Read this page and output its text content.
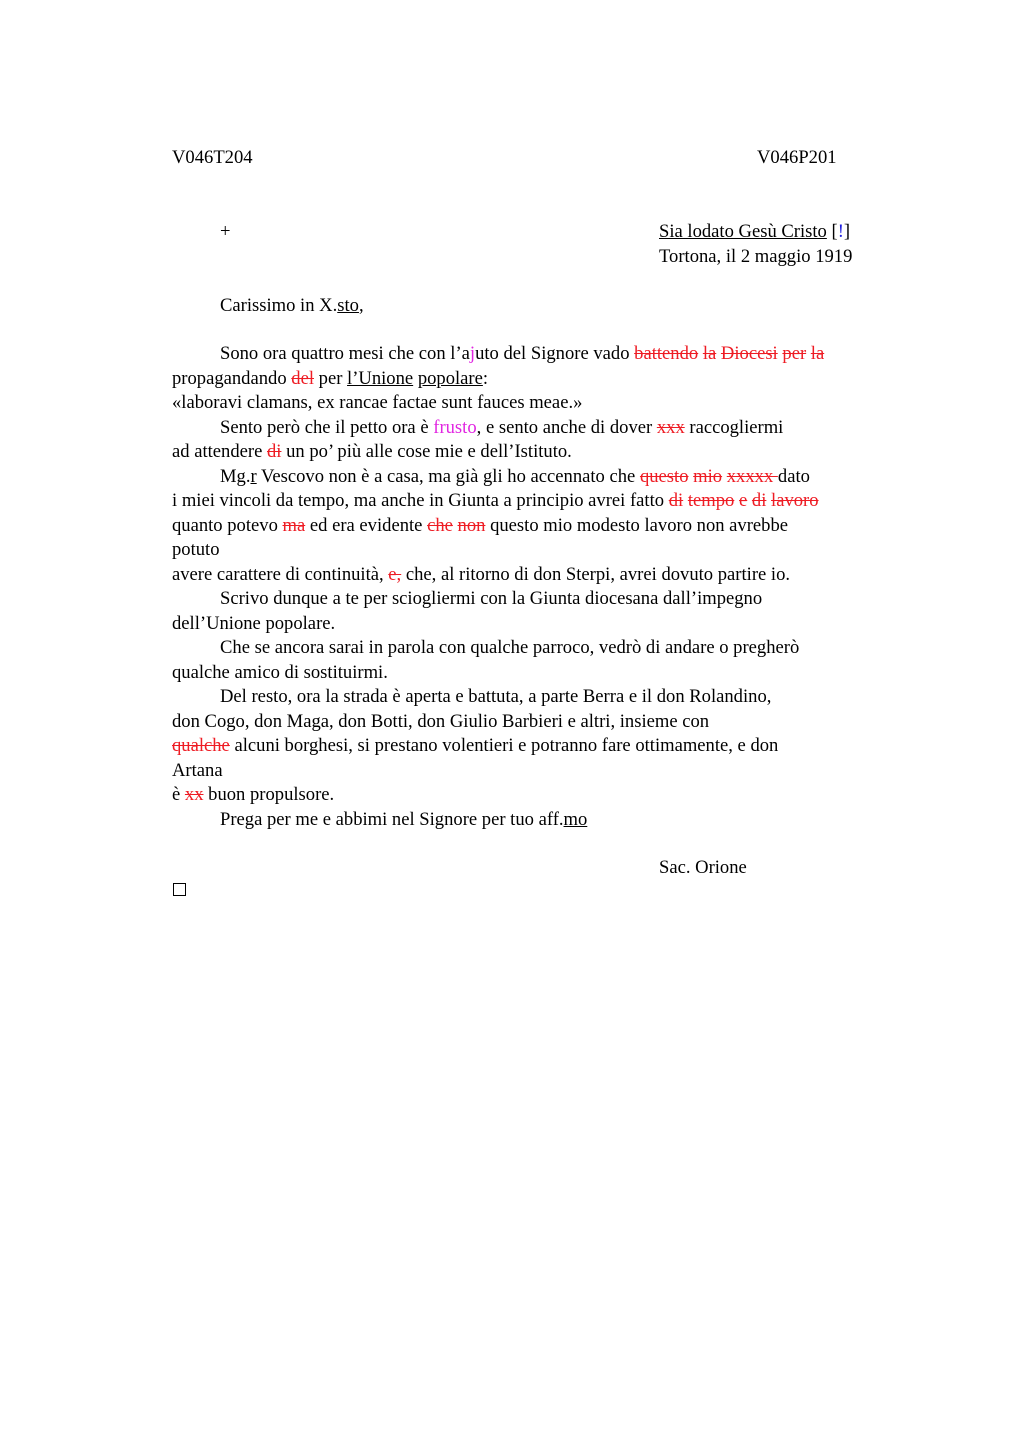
V046T204	V046P201
+	Sia lodato Gesù Cristo [!]
Tortona, il 2 maggio 1919
Carissimo in X.sto,
Sono ora quattro mesi che con l’ajuto del Signore vado battendo la Diocesi per la
propagandando del per l’Unione popolare:
«laboravi clamans, ex rancae factae sunt fauces meae.»
Sento però che il petto ora è frusto, e sento anche di dover xxx raccogliermi
ad attendere di un po’ più alle cose mie e dell’Istituto.
Mg.r Vescovo non è a casa, ma già gli ho accennato che questo mio xxxxx dato
i miei vincoli da tempo, ma anche in Giunta a principio avrei fatto di tempo e di lavoro
quanto potevo ma ed era evidente che non questo mio modesto lavoro non avrebbe
potuto
avere carattere di continuità, e, che, al ritorno di don Sterpi, avrei dovuto partire io.
Scrivo dunque a te per sciogliermi con la Giunta diocesana dall’impegno
dell’Unione popolare.
Che se ancora sarai in parola con qualche parroco, vedrò di andare o pregherò
qualche amico di sostituirmi.
Del resto, ora la strada è aperta e battuta, a parte Berra e il don Rolandino,
don Cogo, don Maga, don Botti, don Giulio Barbieri e altri, insieme con
qualche alcuni borghesi, si prestano volentieri e potranno fare ottimamente, e don
Artana
è xx buon propulsore.
Prega per me e abbimi nel Signore per tuo aff.mo
Sac. Orione
